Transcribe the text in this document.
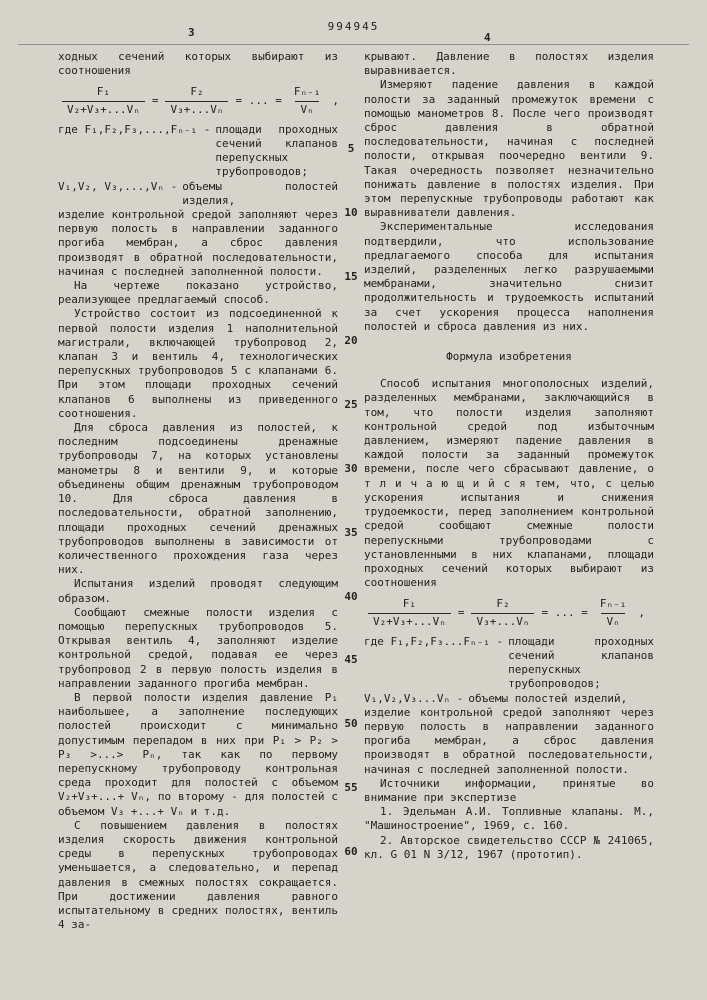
3	994945
4
5
10
15
20
25
30
35
40
45
50
55
60

ходных сечений которых выбирают из соотношения

$\frac{\text{F₁}}{\text{V₂+V₃+...Vₙ}} = \frac{\text{F₂}}{\text{V₃+...Vₙ}}$ = ... = $\frac{\text{Fₙ₋₁}}{\text{Vₙ}}$ ,
где F₁,F₂,F₃,...,Fₙ₋₁ - площади проходных сечений клапанов перепускных трубопроводов;
V₁,V₂, V₃,...,Vₙ - объемы полостей изделия,

изделие контрольной средой заполняют через первую полость в направлении заданного прогиба мембран, а сброс давления производят в обратной последовательности, начиная с последней заполненной полости.

На чертеже показано устройство, реализующее предлагаемый способ.

Устройство состоит из подсоединенной к первой полости изделия 1 наполнительной магистрали, включающей трубопровод 2, клапан 3 и вентиль 4, технологических перепускных трубопроводов 5 с клапанами 6. При этом площади проходных сечений клапанов 6 выполнены из приведенного соотношения.

Для сброса давления из полостей, к последним подсоединены дренажные трубопроводы 7, на которых установлены манометры 8 и вентили 9, и которые объединены общим дренажным трубопроводом 10. Для сброса давления в последовательности, обратной заполнению, площади проходных сечений дренажных трубопроводов выполнены в зависимости от количественного прохождения газа через них.

Испытания изделий проводят следующим образом.

Сообщают смежные полости изделия с помощью перепускных трубопроводов 5. Открывая вентиль 4, заполняют изделие контрольной средой, подавая ее через трубопровод 2 в первую полость изделия в направлении заданного прогиба мембран.

В первой полости изделия давление P₁ наибольшее, а заполнение последующих полостей происходит с минимально допустимым перепадом в них при P₁ > P₂ > P₃ >...> Pₙ, так как по первому перепускному трубопроводу контрольная среда проходит для полостей с объемом V₂+V₃+...+ Vₙ, по второму - для полостей с объемом V₃ +...+ Vₙ и т.д.

С повышением давления в полостях изделия скорость движения контрольной среды в перепускных трубопроводах уменьшается, а следовательно, и перепад давления в смежных полостях сокращается. При достижении давления равного испытательному в средних полостях, вентиль 4 за-

крывают. Давление в полостях изделия выравнивается.

Измеряют падение давления в каждой полости за заданный промежуток времени с помощью манометров 8. После чего производят сброс давления в обратной последовательности, начиная с последней полости, открывая поочередно вентили 9. Такая очередность позволяет незначительно понижать давление в полостях изделия. При этом перепускные трубопроводы работают как выравниватели давления.

Экспериментальные исследования подтвердили, что использование предлагаемого способа для испытания изделий, разделенных легко разрушаемыми мембранами, значительно снизит продолжительность и трудоемкость испытаний за счет ускорения процесса наполнения полостей и сброса давления из них.

Формула изобретения

Способ испытания многополосных изделий, разделенных мембранами, заключающийся в том, что полости изделия заполняют контрольной средой под избыточным давлением, измеряют падение давления в каждой полости за заданный промежуток времени, после чего сбрасывают давление, о т л и ч а ю щ и й с я тем, что, с целью ускорения испытания и снижения трудоемкости, перед заполнением контрольной средой сообщают смежные полости перепускными трубопроводами с установленными в них клапанами, площади проходных сечений которых выбирают из соотношения

$\frac{\text{F₁}}{\text{V₂+V₃+...Vₙ}} = \frac{\text{F₂}}{\text{V₃+...Vₙ}}$ = ... = $\frac{\text{Fₙ₋₁}}{\text{Vₙ}}$ ,
где F₁,F₂,F₃...Fₙ₋₁ - площади проходных сечений клапанов перепускных трубопроводов;
V₁,V₂,V₃...Vₙ - объемы полостей изделий,

изделие контрольной средой заполняют через первую полость в направлении заданного прогиба мембран, а сброс давления производят в обратной последовательности, начиная с последней заполненной полости.

Источники информации, принятые во внимание при экспертизе

1. Эдельман А.И. Топливные клапаны. М., "Машиностроение", 1969, с. 160.

2. Авторское свидетельство СССР № 241065, кл. G 01 N 3/12, 1967 (прототип).
